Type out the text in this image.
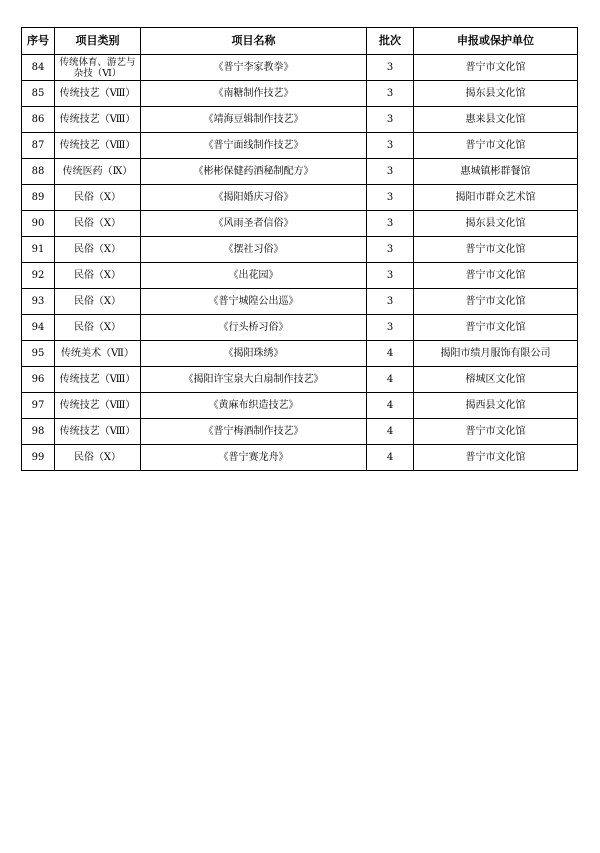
序号	项目类别	项目名称	批次	申报或保护单位
84	传统体育、游艺与杂技（Ⅵ）	《普宁李家教拳》	3	普宁市文化馆
85	传统技艺（Ⅷ）	《南糖制作技艺》	3	揭东县文化馆
86	传统技艺（Ⅷ）	《靖海豆辑制作技艺》	3	惠来县文化馆
87	传统技艺（Ⅷ）	《普宁面线制作技艺》	3	普宁市文化馆
88	传统医药（Ⅸ）	《彬彬保健药酒秘制配方》	3	惠城镇彬群餐馆
89	民俗（Ⅹ）	《揭阳婚庆习俗》	3	揭阳市群众艺术馆
90	民俗（Ⅹ）	《风雨圣者信俗》	3	揭东县文化馆
91	民俗（Ⅹ）	《摆社习俗》	3	普宁市文化馆
92	民俗（Ⅹ）	《出花园》	3	普宁市文化馆
93	民俗（Ⅹ）	《普宁城隍公出巡》	3	普宁市文化馆
94	民俗（Ⅹ）	《行头桥习俗》	3	普宁市文化馆
95	传统美术（Ⅶ）	《揭阳珠绣》	4	揭阳市绩月服饰有限公司
96	传统技艺（Ⅷ）	《揭阳许宝泉大白扇制作技艺》	4	榕城区文化馆
97	传统技艺（Ⅷ）	《黄麻布织造技艺》	4	揭西县文化馆
98	传统技艺（Ⅷ）	《普宁梅酒制作技艺》	4	普宁市文化馆
99	民俗（Ⅹ）	《普宁赛龙舟》	4	普宁市文化馆
